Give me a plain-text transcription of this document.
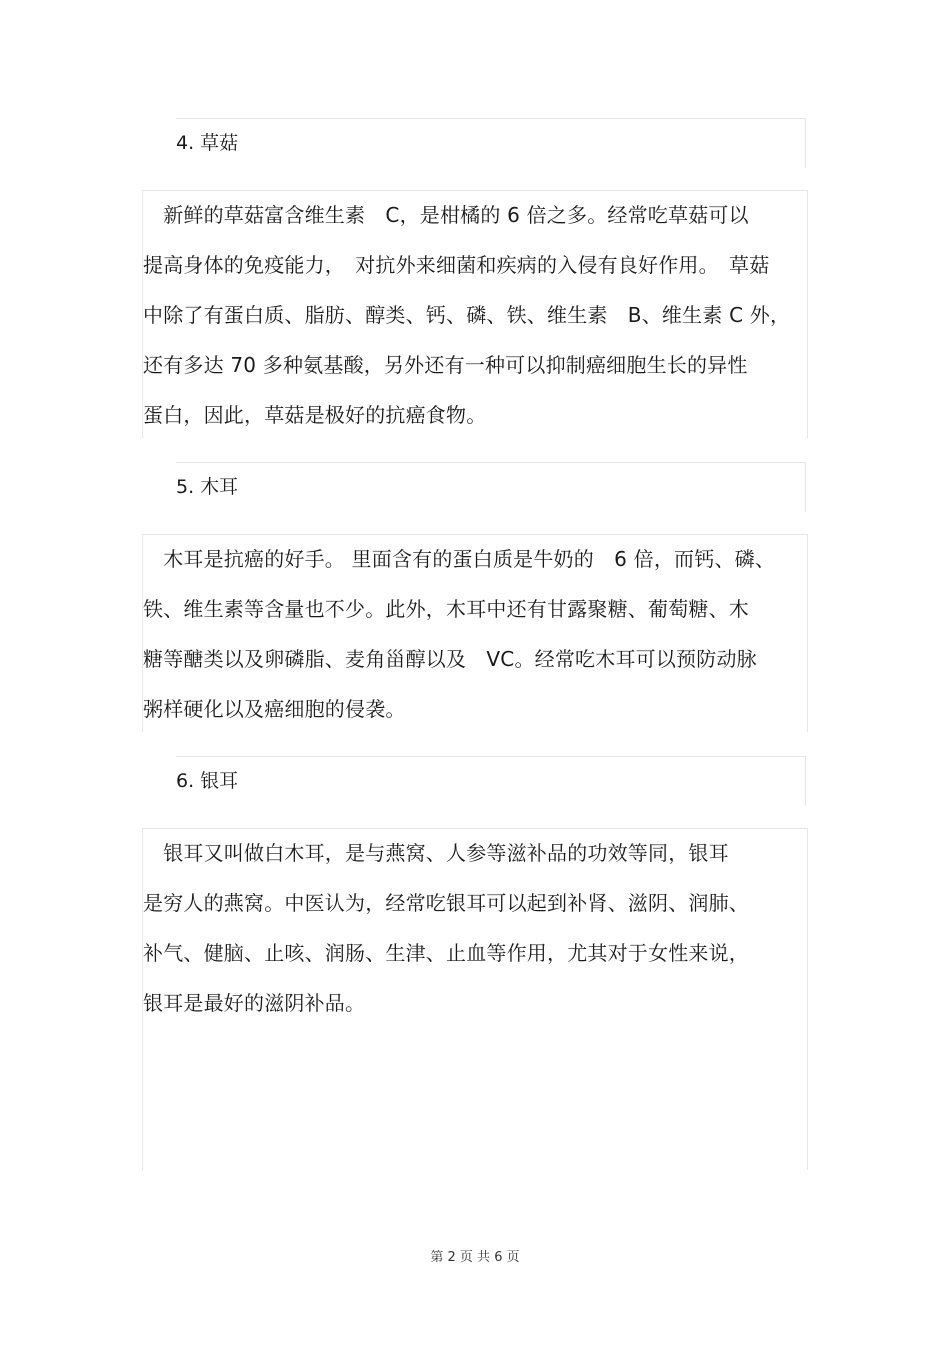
4. 草菇
　新鲜的草菇富含维生素　C，是柑橘的 6 倍之多。经常吃草菇可以
提高身体的免疫能力，　对抗外来细菌和疾病的入侵有良好作用。　草菇
中除了有蛋白质、脂肪、醇类、钙、磷、铁、维生素　B、维生素 C 外，
还有多达 70 多种氨基酸，另外还有一种可以抑制癌细胞生长的异性
蛋白，因此，草菇是极好的抗癌食物。
5. 木耳
　木耳是抗癌的好手。 里面含有的蛋白质是牛奶的　6 倍，而钙、磷、
铁、维生素等含量也不少。此外，木耳中还有甘露聚糖、葡萄糖、木
糖等醣类以及卵磷脂、麦角甾醇以及　VC。经常吃木耳可以预防动脉
粥样硬化以及癌细胞的侵袭。
6. 银耳
　银耳又叫做白木耳，是与燕窝、人参等滋补品的功效等同，银耳
是穷人的燕窝。中医认为，经常吃银耳可以起到补肾、滋阴、润肺、
补气、健脑、止咳、润肠、生津、止血等作用，尤其对于女性来说，
银耳是最好的滋阴补品。
第 2 页 共 6 页
